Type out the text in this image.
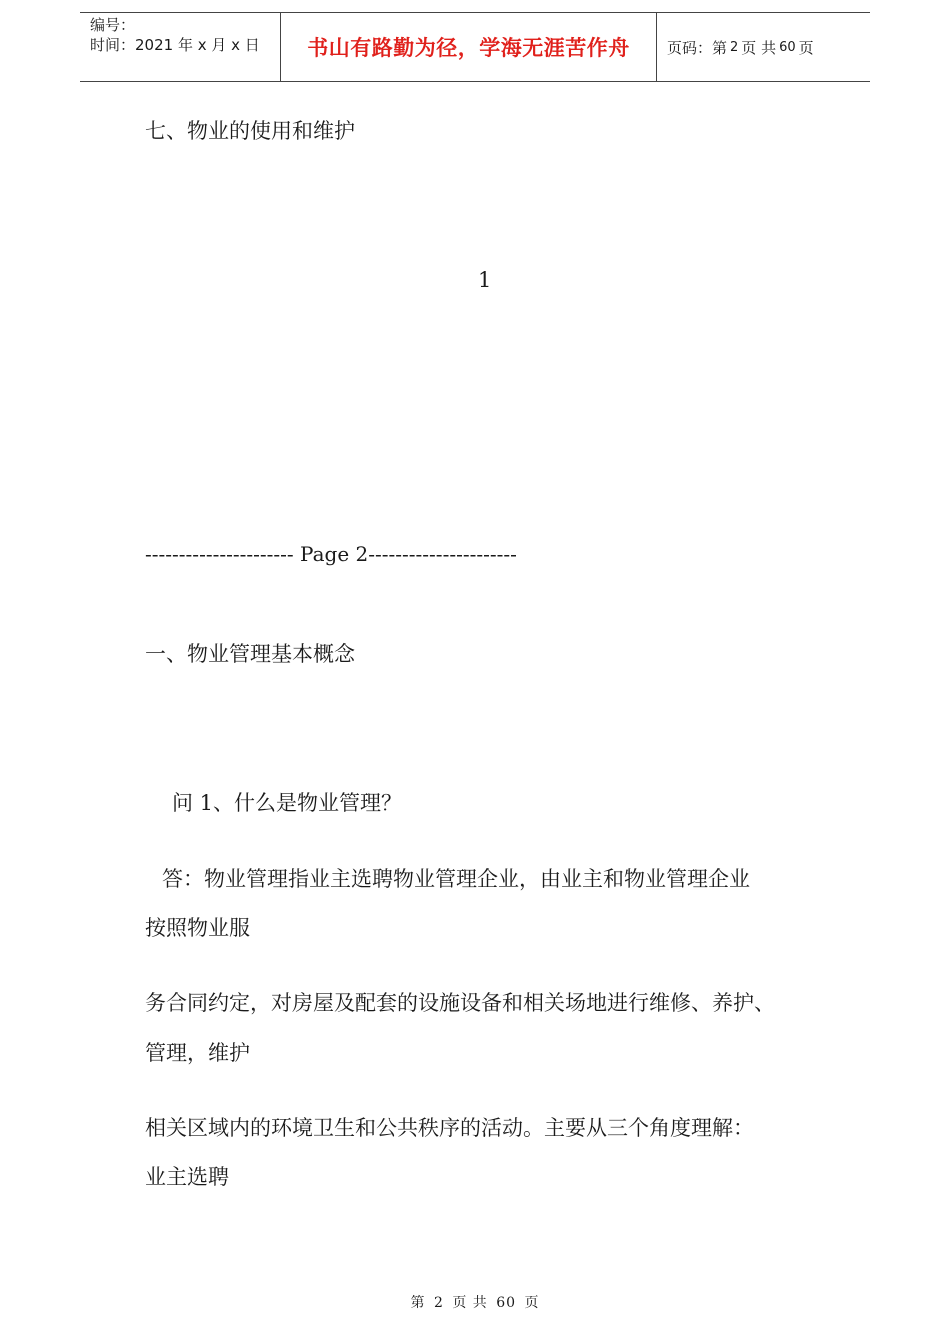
编号：
时间：2021 年 x 月 x 日	书山有路勤为径，学海无涯苦作舟	页码：第 2 页 共 60 页
七、物业的使用和维护
1
---------------------- Page 2----------------------
一、物业管理基本概念
问 1、什么是物业管理？
答：物业管理指业主选聘物业管理企业，由业主和物业管理企业
按照物业服
务合同约定，对房屋及配套的设施设备和相关场地进行维修、养护、
管理，维护
相关区域内的环境卫生和公共秩序的活动。主要从三个角度理解：
业主选聘
第 2 页 共 60 页
